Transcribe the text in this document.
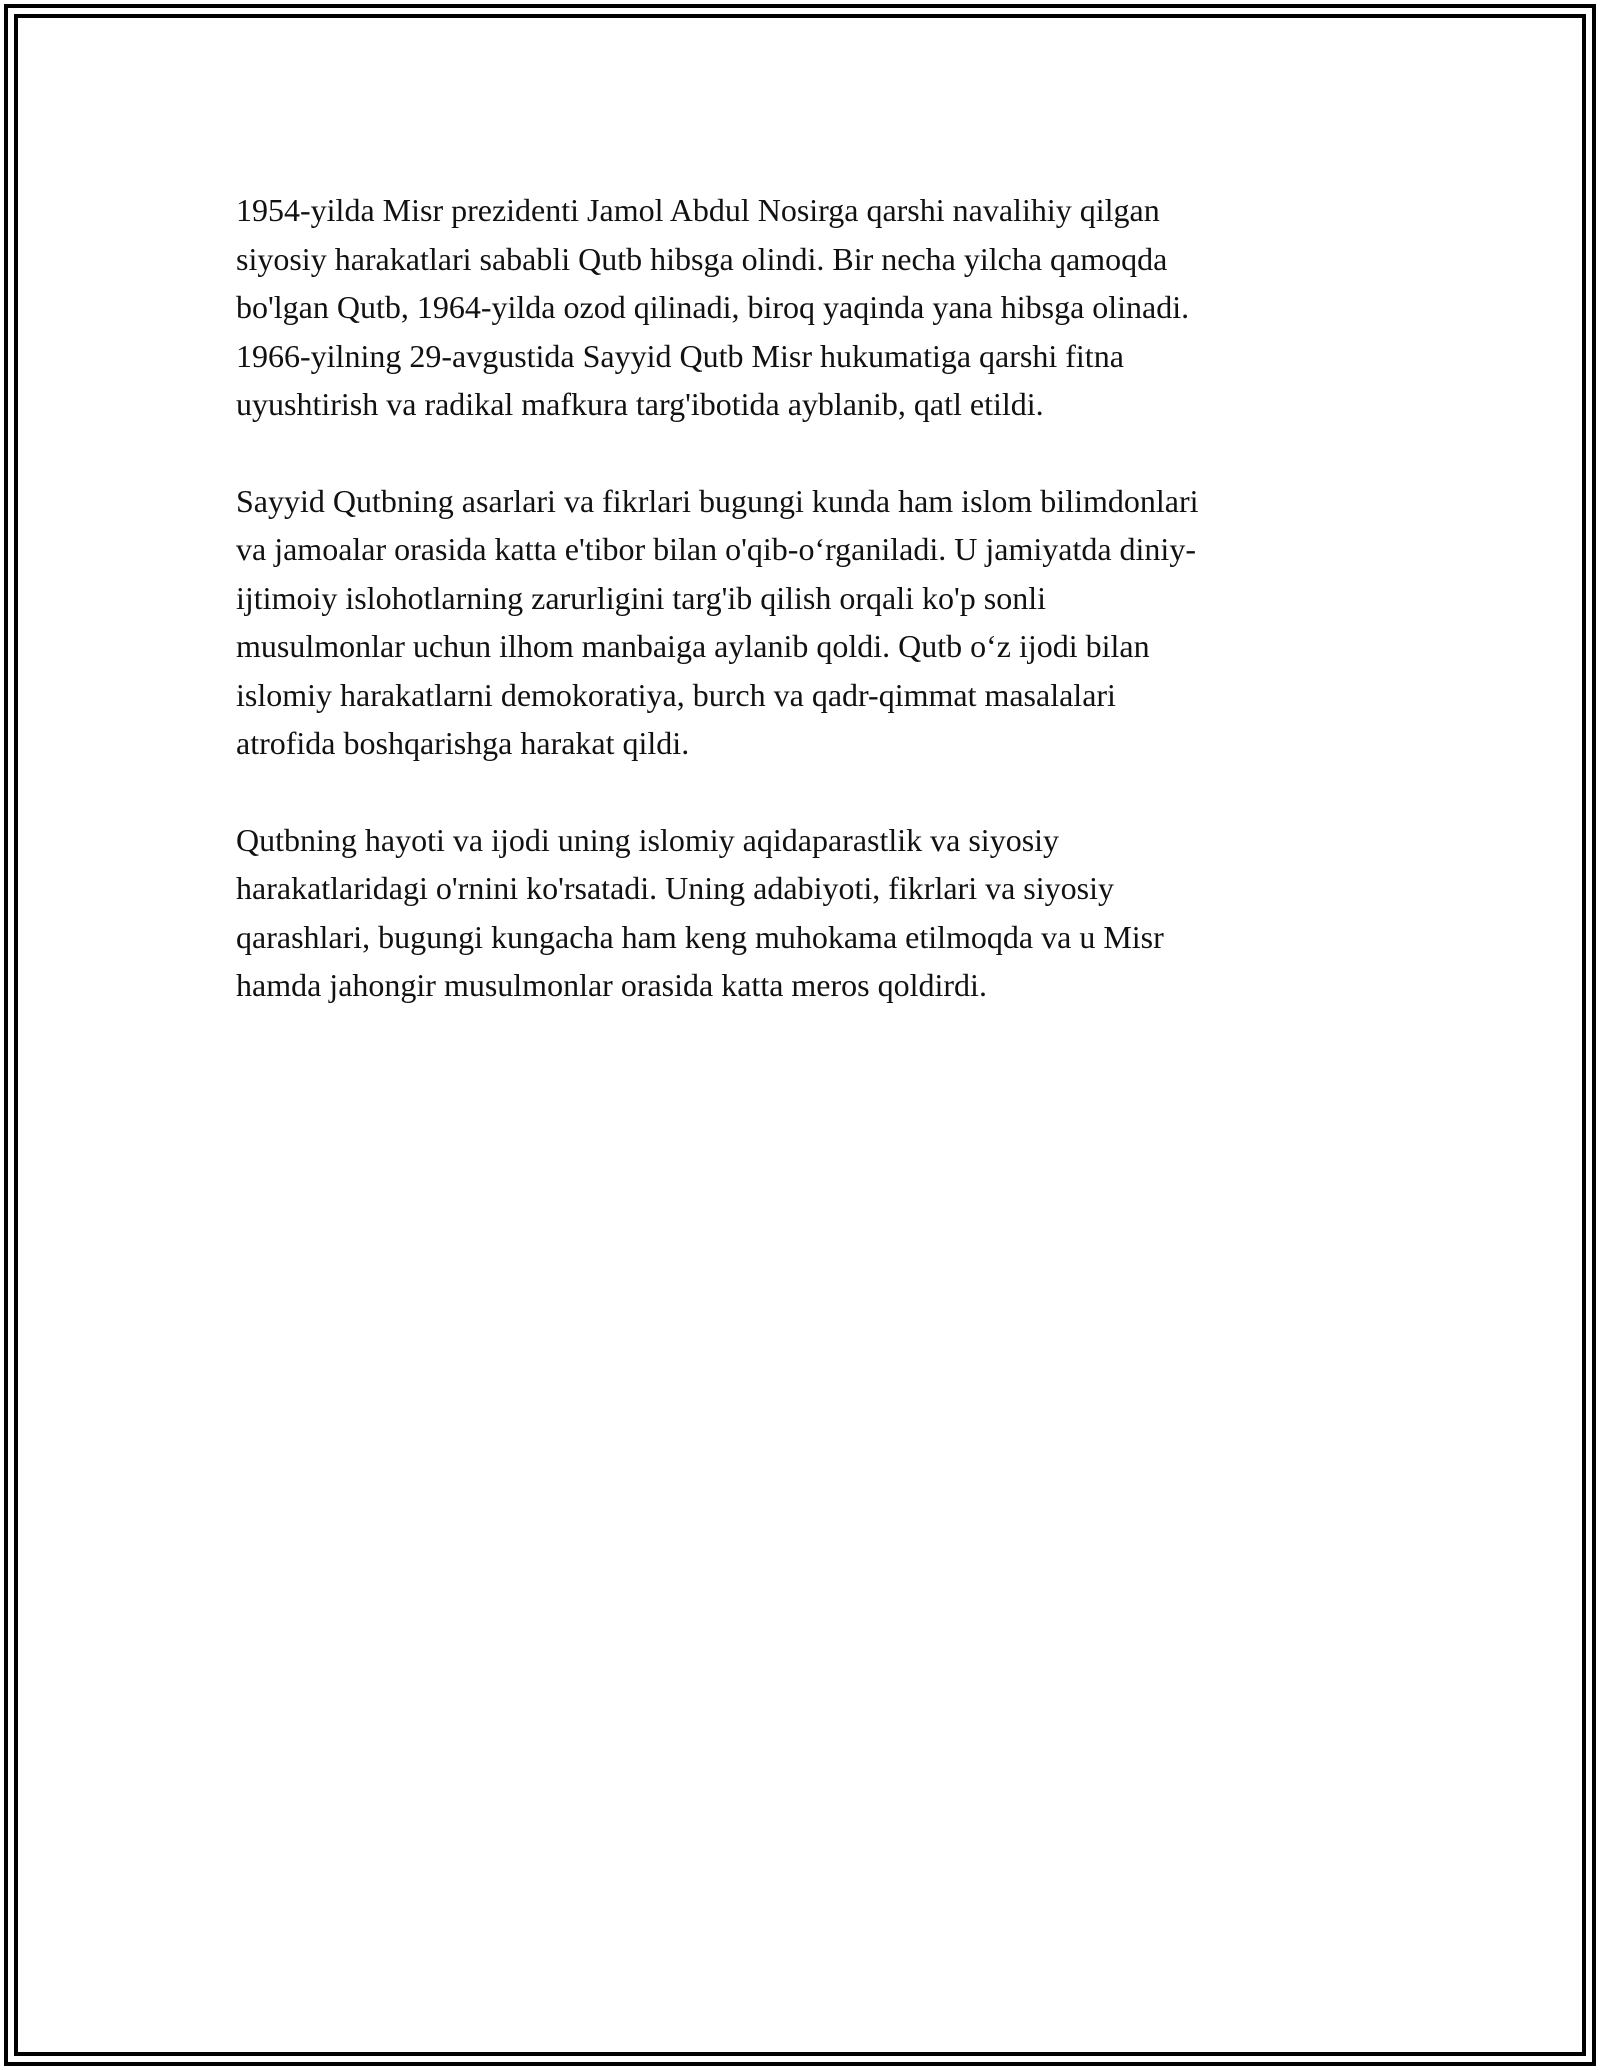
1954-yilda Misr prezidenti Jamol Abdul Nosirga qarshi navalihiy qilgan
siyosiy harakatlari sababli Qutb hibsga olindi. Bir necha yilcha qamoqda
bo'lgan Qutb, 1964-yilda ozod qilinadi, biroq yaqinda yana hibsga olinadi.
1966-yilning 29-avgustida Sayyid Qutb Misr hukumatiga qarshi fitna
uyushtirish va radikal mafkura targ'ibotida ayblanib, qatl etildi.

Sayyid Qutbning asarlari va fikrlari bugungi kunda ham islom bilimdonlari
va jamoalar orasida katta e'tibor bilan o'qib-o‘rganiladi. U jamiyatda diniy-
ijtimoiy islohotlarning zarurligini targ'ib qilish orqali ko'p sonli
musulmonlar uchun ilhom manbaiga aylanib qoldi. Qutb o‘z ijodi bilan
islomiy harakatlarni demokoratiya, burch va qadr-qimmat masalalari
atrofida boshqarishga harakat qildi.

Qutbning hayoti va ijodi uning islomiy aqidaparastlik va siyosiy
harakatlaridagi o'rnini ko'rsatadi. Uning adabiyoti, fikrlari va siyosiy
qarashlari, bugungi kungacha ham keng muhokama etilmoqda va u Misr
hamda jahongir musulmonlar orasida katta meros qoldirdi.
